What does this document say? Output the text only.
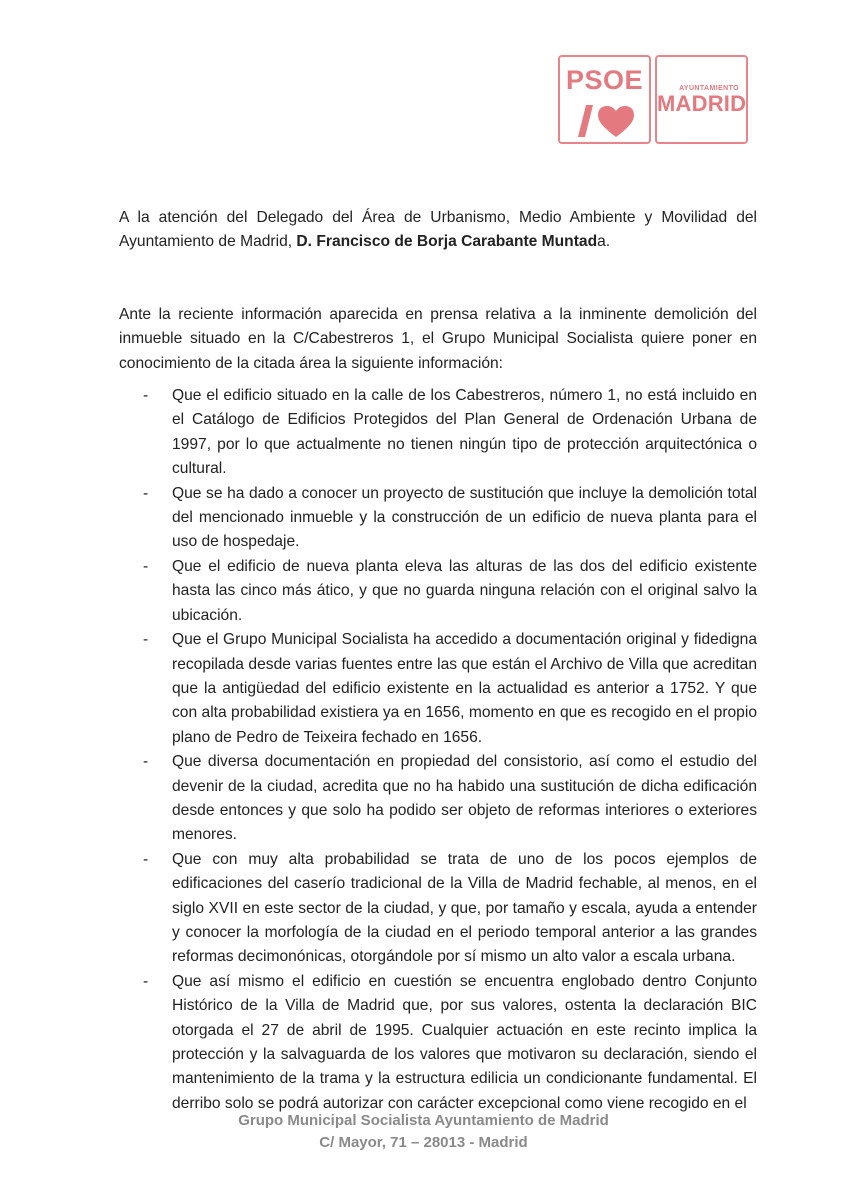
PSOE	AYUNTAMIENTO
MADRID

A la atención del Delegado del Área de Urbanismo, Medio Ambiente y Movilidad del Ayuntamiento de Madrid, D. Francisco de Borja Carabante Muntada.

Ante la reciente información aparecida en prensa relativa a la inminente demolición del inmueble situado en la C/Cabestreros 1, el Grupo Municipal Socialista quiere poner en conocimiento de la citada área la siguiente información:

- Que el edificio situado en la calle de los Cabestreros, número 1, no está incluido en el Catálogo de Edificios Protegidos del Plan General de Ordenación Urbana de 1997, por lo que actualmente no tienen ningún tipo de protección arquitectónica o cultural.
- Que se ha dado a conocer un proyecto de sustitución que incluye la demolición total del mencionado inmueble y la construcción de un edificio de nueva planta para el uso de hospedaje.
- Que el edificio de nueva planta eleva las alturas de las dos del edificio existente hasta las cinco más ático, y que no guarda ninguna relación con el original salvo la ubicación.
- Que el Grupo Municipal Socialista ha accedido a documentación original y fidedigna recopilada desde varias fuentes entre las que están el Archivo de Villa que acreditan que la antigüedad del edificio existente en la actualidad es anterior a 1752. Y que con alta probabilidad existiera ya en 1656, momento en que es recogido en el propio plano de Pedro de Teixeira fechado en 1656.
- Que diversa documentación en propiedad del consistorio, así como el estudio del devenir de la ciudad, acredita que no ha habido una sustitución de dicha edificación desde entonces y que solo ha podido ser objeto de reformas interiores o exteriores menores.
- Que con muy alta probabilidad se trata de uno de los pocos ejemplos de edificaciones del caserío tradicional de la Villa de Madrid fechable, al menos, en el siglo XVII en este sector de la ciudad, y que, por tamaño y escala, ayuda a entender y conocer la morfología de la ciudad en el periodo temporal anterior a las grandes reformas decimonónicas, otorgándole por sí mismo un alto valor a escala urbana.
- Que así mismo el edificio en cuestión se encuentra englobado dentro Conjunto Histórico de la Villa de Madrid que, por sus valores, ostenta la declaración BIC otorgada el 27 de abril de 1995. Cualquier actuación en este recinto implica la protección y la salvaguarda de los valores que motivaron su declaración, siendo el mantenimiento de la trama y la estructura edilicia un condicionante fundamental. El derribo solo se podrá autorizar con carácter excepcional como viene recogido en el
Grupo Municipal Socialista Ayuntamiento de Madrid
C/ Mayor, 71 – 28013 - Madrid
